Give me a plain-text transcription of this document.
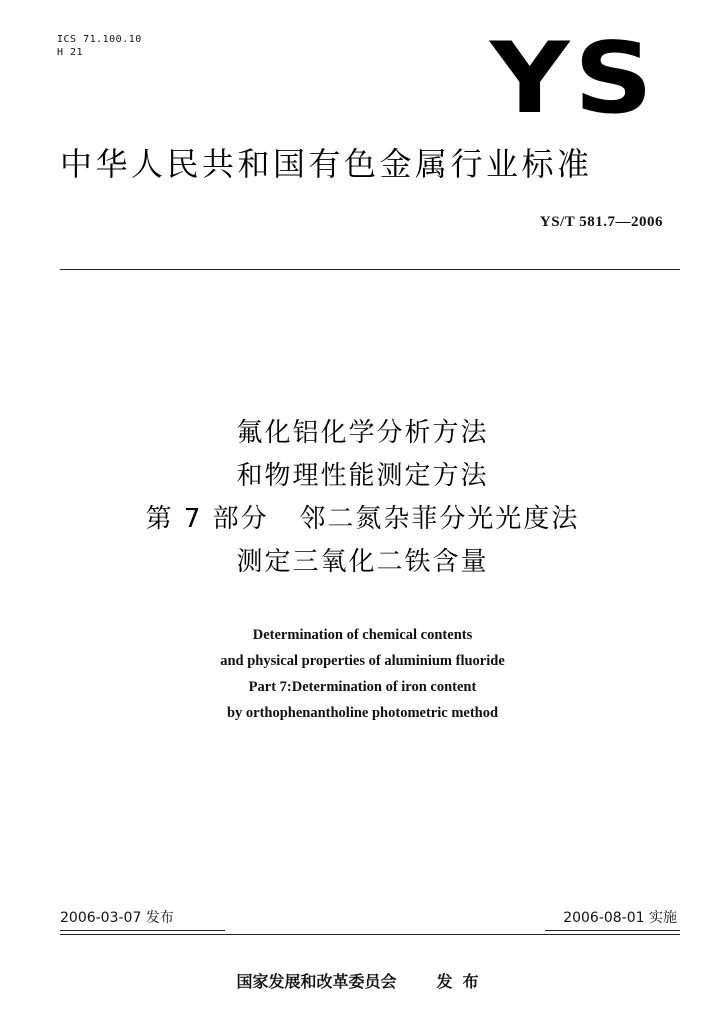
ICS 71.100.10
H 21	YS
中华人民共和国有色金属行业标准
YS/T 581.7—2006
氟化铝化学分析方法
和物理性能测定方法
第 7 部分   邻二氮杂菲分光光度法
测定三氧化二铁含量
Determination of chemical contents
and physical properties of aluminium fluoride
Part 7:Determination of iron content
by orthophenantholine photometric method
2006-03-07 发布	2006-08-01 实施
国家发展和改革委员会	发布
